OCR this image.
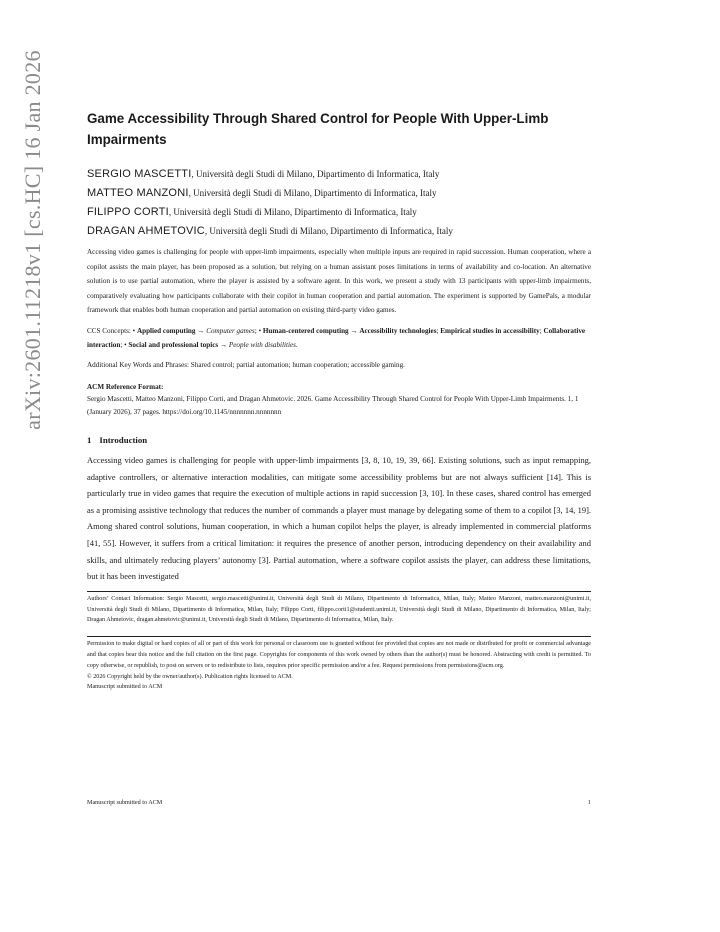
arXiv:2601.11218v1 [cs.HC] 16 Jan 2026	Game Accessibility Through Shared Control for People With Upper-Limb Impairments
SERGIO MASCETTI, Università degli Studi di Milano, Dipartimento di Informatica, Italy
MATTEO MANZONI, Università degli Studi di Milano, Dipartimento di Informatica, Italy
FILIPPO CORTI, Università degli Studi di Milano, Dipartimento di Informatica, Italy
DRAGAN AHMETOVIC, Università degli Studi di Milano, Dipartimento di Informatica, Italy

Accessing video games is challenging for people with upper-limb impairments, especially when multiple inputs are required in rapid succession. Human cooperation, where a copilot assists the main player, has been proposed as a solution, but relying on a human assistant poses limitations in terms of availability and co-location. An alternative solution is to use partial automation, where the player is assisted by a software agent. In this work, we present a study with 13 participants with upper-limb impairments, comparatively evaluating how participants collaborate with their copilot in human cooperation and partial automation. The experiment is supported by GamePals, a modular framework that enables both human cooperation and partial automation on existing third-party video games.

CCS Concepts: • Applied computing → Computer games; • Human-centered computing → Accessibility technologies; Empirical studies in accessibility; Collaborative interaction; • Social and professional topics → People with disabilities.

Additional Key Words and Phrases: Shared control; partial automation; human cooperation; accessible gaming.

ACM Reference Format:

Sergio Mascetti, Matteo Manzoni, Filippo Corti, and Dragan Ahmetovic. 2026. Game Accessibility Through Shared Control for People With Upper-Limb Impairments. 1, 1 (January 2026), 37 pages. https://doi.org/10.1145/nnnnnnn.nnnnnnn

1 Introduction

Accessing video games is challenging for people with upper-limb impairments [3, 8, 10, 19, 39, 66]. Existing solutions, such as input remapping, adaptive controllers, or alternative interaction modalities, can mitigate some accessibility problems but are not always sufficient [14]. This is particularly true in video games that require the execution of multiple actions in rapid succession [3, 10]. In these cases, shared control has emerged as a promising assistive technology that reduces the number of commands a player must manage by delegating some of them to a copilot [3, 14, 19]. Among shared control solutions, human cooperation, in which a human copilot helps the player, is already implemented in commercial platforms [41, 55]. However, it suffers from a critical limitation: it requires the presence of another person, introducing dependency on their availability and skills, and ultimately reducing players’ autonomy [3]. Partial automation, where a software copilot assists the player, can address these limitations, but it has been investigated

Authors’ Contact Information: Sergio Mascetti, sergio.mascetti@unimi.it, Università degli Studi di Milano, Dipartimento di Informatica, Milan, Italy; Matteo Manzoni, matteo.manzoni@unimi.it, Università degli Studi di Milano, Dipartimento di Informatica, Milan, Italy; Filippo Corti, filippo.corti1@studenti.unimi.it, Università degli Studi di Milano, Dipartimento di Informatica, Milan, Italy; Dragan Ahmetovic, dragan.ahmetovic@unimi.it, Università degli Studi di Milano, Dipartimento di Informatica, Milan, Italy.

Permission to make digital or hard copies of all or part of this work for personal or classroom use is granted without fee provided that copies are not made or distributed for profit or commercial advantage and that copies bear this notice and the full citation on the first page. Copyrights for components of this work owned by others than the author(s) must be honored. Abstracting with credit is permitted. To copy otherwise, or republish, to post on servers or to redistribute to lists, requires prior specific permission and/or a fee. Request permissions from permissions@acm.org.

© 2026 Copyright held by the owner/author(s). Publication rights licensed to ACM.

Manuscript submitted to ACM

Manuscript submitted to ACM	1
